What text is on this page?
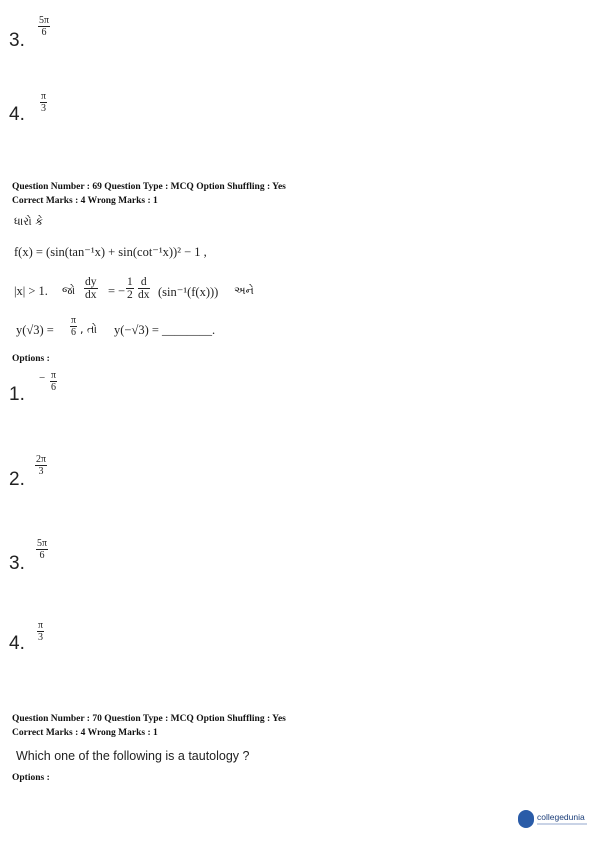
3.
$\frac{5\pi}{6}$
4.
$\frac{\pi}{3}$
Question Number : 69 Question Type : MCQ Option Shuffling : Yes
Correct Marks : 4 Wrong Marks : 1
ધારો કે
f(x) = (sin(tan⁻¹x) + sin(cot⁻¹x))² − 1 ,
|x| > 1. જો $\frac{dy}{dx}$ = − $\frac{1}{2} \frac{d}{dx} (\sin^{-1}(f(x)))$ અને
$y(√3) = \frac{\pi}{6}$ , તો y(−√3) = ________.
Options :
1.
− $\frac{\pi}{6}$
2.
$\frac{2\pi}{3}$
3.
$\frac{5\pi}{6}$
4.
$\frac{\pi}{3}$
Question Number : 70 Question Type : MCQ Option Shuffling : Yes
Correct Marks : 4 Wrong Marks : 1
Which one of the following is a tautology ?
Options :
collegedunia
